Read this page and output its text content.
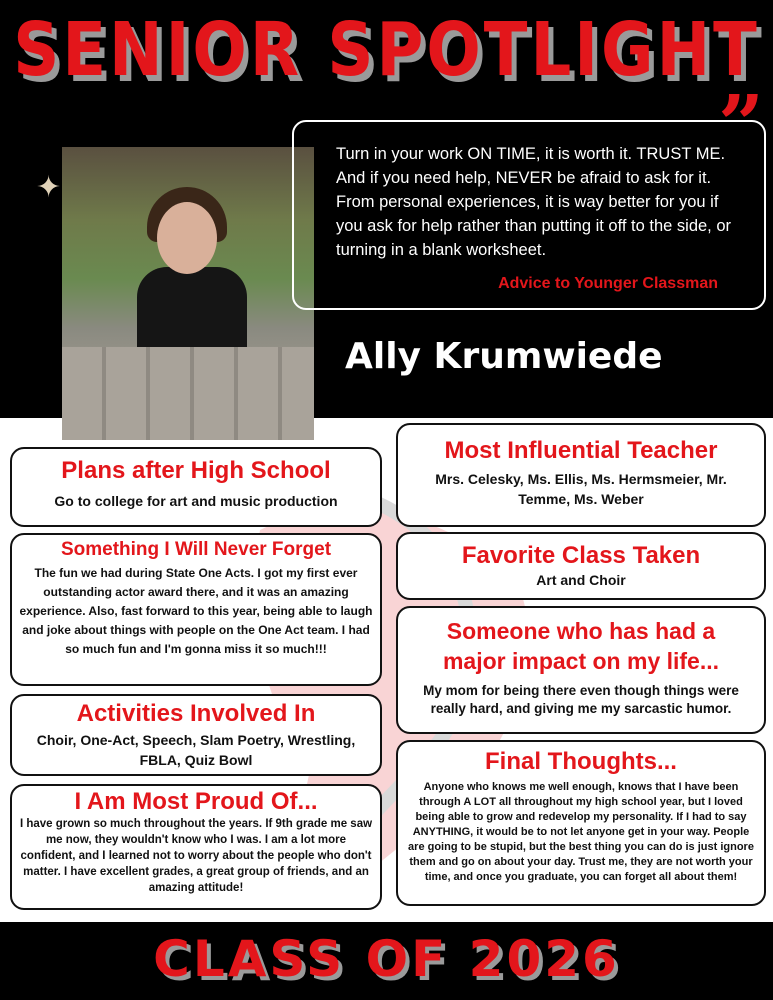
SENIOR SPOTLIGHT
✦
Turn in your work ON TIME, it is worth it. TRUST ME. And if you need help, NEVER be afraid to ask for it. From personal experiences, it is way better for you if you ask for help rather than putting it off to the side, or turning in a blank worksheet.
Advice to Younger Classman
”
Ally Krumwiede
Plans after High School

Go to college for art and music production

Something I Will Never Forget

The fun we had during State One Acts. I got my first ever outstanding actor award there, and it was an amazing experience. Also, fast forward to this year, being able to laugh and joke about things with people on the One Act team. I had so much fun and I'm gonna miss it so much!!!

Activities Involved In

Choir, One-Act, Speech, Slam Poetry, Wrestling, FBLA, Quiz Bowl

I Am Most Proud Of...

I have grown so much throughout the years. If 9th grade me saw me now, they wouldn't know who I was. I am a lot more confident, and I learned not to worry about the people who don't matter. I have excellent grades, a great group of friends, and an amazing attitude!

Most Influential Teacher

Mrs. Celesky, Ms. Ellis, Ms. Hermsmeier, Mr. Temme, Ms. Weber

Favorite Class Taken

Art and Choir

Someone who has had a major impact on my life...

My mom for being there even though things were really hard, and giving me my sarcastic humor.

Final Thoughts...

Anyone who knows me well enough, knows that I have been through A LOT all throughout my high school year, but I loved being able to grow and redevelop my personality. If I had to say ANYTHING, it would be to not let anyone get in your way. People are going to be stupid, but the best thing you can do is just ignore them and go on about your day. Trust me, they are not worth your time, and once you graduate, you can forget all about them!

CLASS OF 2026
